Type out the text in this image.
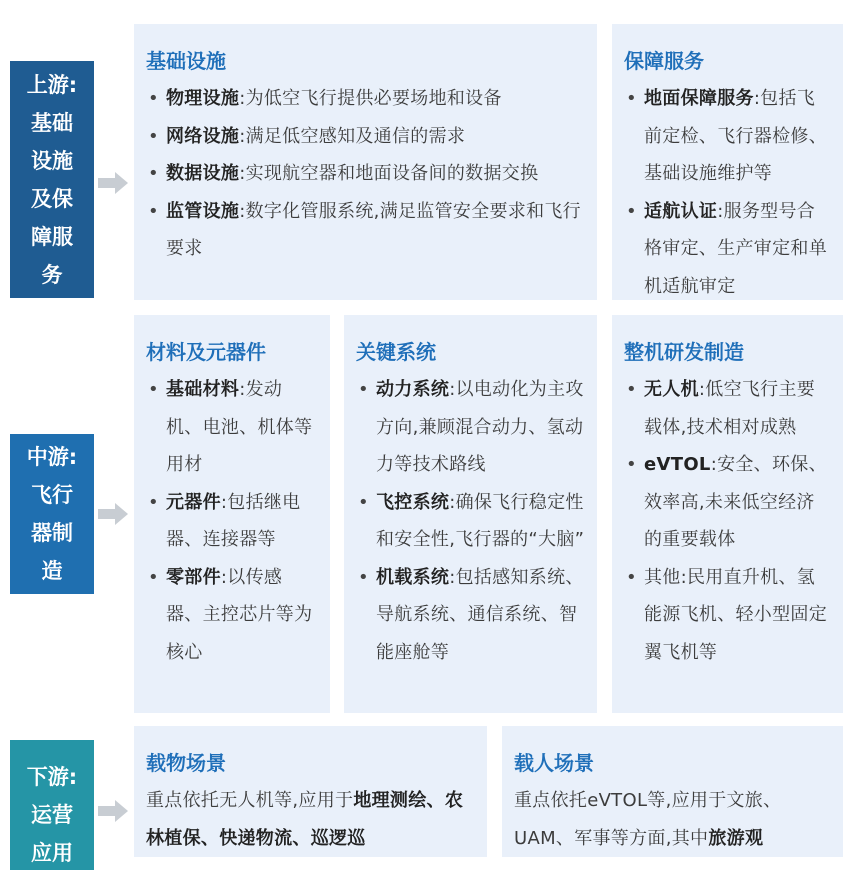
上游:
基础
设施
及保
障服
务
中游:
飞行
器制
造
下游:
运营
应用
基础设施
• 物理设施:为低空飞行提供必要场地和设备
• 网络设施:满足低空感知及通信的需求
• 数据设施:实现航空器和地面设备间的数据交换
• 监管设施:数字化管服系统,满足监管安全要求和飞行要求
保障服务
• 地面保障服务:包括飞前定检、飞行器检修、基础设施维护等
• 适航认证:服务型号合格审定、生产审定和单机适航审定
材料及元器件
• 基础材料:发动机、电池、机体等用材
• 元器件:包括继电器、连接器等
• 零部件:以传感器、主控芯片等为核心
关键系统
• 动力系统:以电动化为主攻方向,兼顾混合动力、氢动力等技术路线
• 飞控系统:确保飞行稳定性和安全性,飞行器的“大脑”
• 机载系统:包括感知系统、导航系统、通信系统、智能座舱等
整机研发制造
• 无人机:低空飞行主要载体,技术相对成熟
• eVTOL:安全、环保、效率高,未来低空经济的重要载体
• 其他:民用直升机、氢能源飞机、轻小型固定翼飞机等
载物场景

重点依托无人机等,应用于地理测绘、农林植保、快递物流、巡逻巡

载人场景

重点依托eVTOL等,应用于文旅、UAM、军事等方面,其中旅游观
